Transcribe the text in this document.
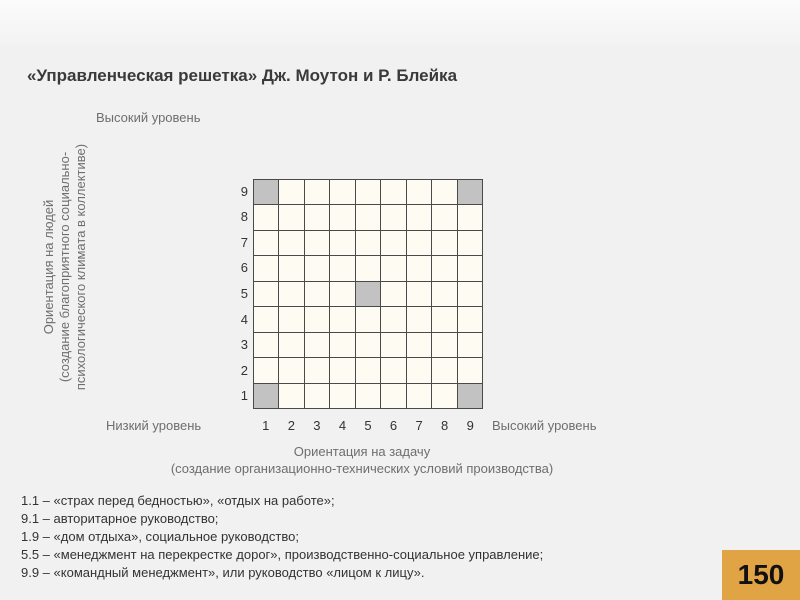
«Управленческая решетка» Дж. Моутон и Р. Блейка
Высокий уровень
Ориентация на людей (создание благоприятного социально- психологического климата в коллективе)
1
2
3
4
5
6
7
8
9
Низкий уровень	1	2	3	4	5	6	7	8	9	Высокий уровень
Ориентация на задачу
(создание организационно-технических условий производства)
1.1 – «страх перед бедностью», «отдых на работе»;
9.1 – авторитарное руководство;
1.9 – «дом отдыха», социальное руководство;
5.5 – «менеджмент на перекрестке дорог», производственно-социальное управление;
9.9 – «командный менеджмент», или руководство «лицом к лицу».	150
